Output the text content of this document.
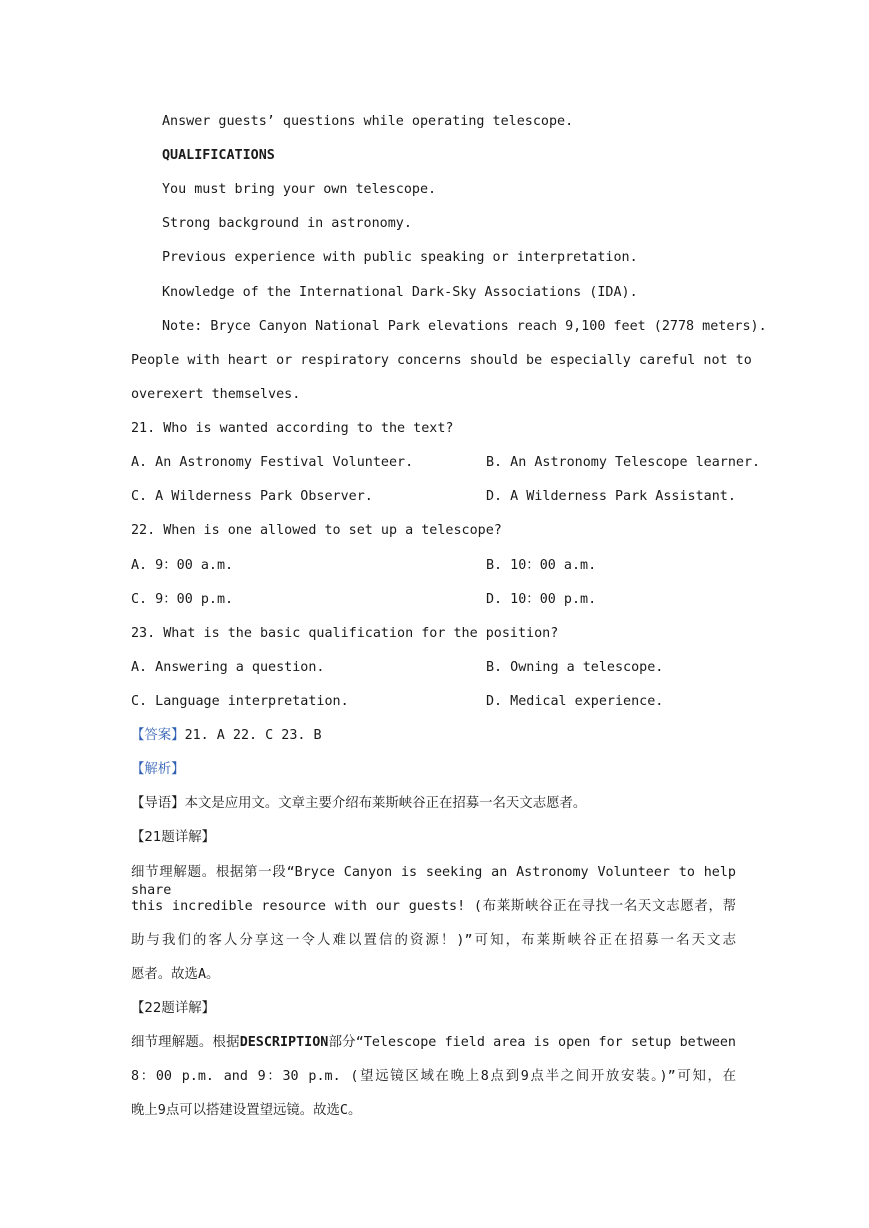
Answer guests’ questions while operating telescope.
QUALIFICATIONS
You must bring your own telescope.
Strong background in astronomy.
Previous experience with public speaking or interpretation.
Knowledge of the International Dark-Sky Associations (IDA).
Note: Bryce Canyon National Park elevations reach 9,100 feet (2778 meters).
People with heart or respiratory concerns should be especially careful not to
overexert themselves.
21. Who is wanted according to the text?
A. An Astronomy Festival Volunteer.	B. An Astronomy Telescope learner.
C. A Wilderness Park Observer.	D. A Wilderness Park Assistant.
22. When is one allowed to set up a telescope?
A. 9：00 a.m.	B. 10：00 a.m.
C. 9：00 p.m.	D. 10：00 p.m.
23. What is the basic qualification for the position?
A. Answering a question.	B. Owning a telescope.
C. Language interpretation.	D. Medical experience.
【答案】21. A 22. C 23. B
【解析】
【导语】本文是应用文。文章主要介绍布莱斯峡谷正在招募一名天文志愿者。
【21题详解】
细节理解题。根据第一段“Bryce Canyon is seeking an Astronomy Volunteer to help share
this incredible resource with our guests! (布莱斯峡谷正在寻找一名天文志愿者，帮
助与我们的客人分享这一令人难以置信的资源！)”可知，布莱斯峡谷正在招募一名天文志
愿者。故选A。
【22题详解】
细节理解题。根据DESCRIPTION部分“Telescope field area is open for setup between
8：00 p.m. and 9：30 p.m. (望远镜区域在晚上8点到9点半之间开放安装。)”可知，在
晚上9点可以搭建设置望远镜。故选C。
